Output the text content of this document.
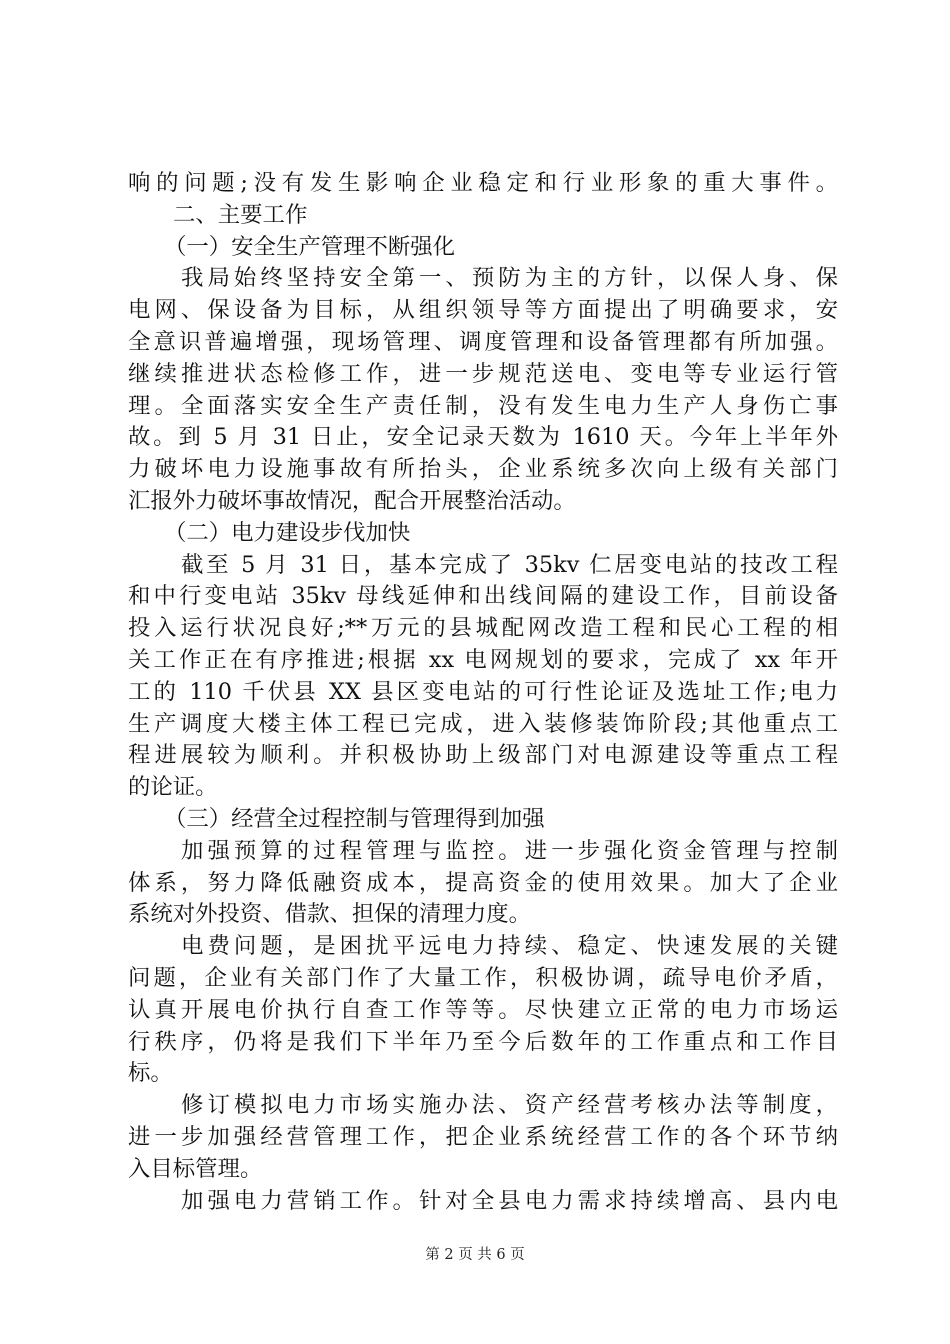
响的问题;没有发生影响企业稳定和行业形象的重大事件。
二、主要工作
（一）安全生产管理不断强化
我局始终坚持安全第一、预防为主的方针，以保人身、保
电网、保设备为目标，从组织领导等方面提出了明确要求，安
全意识普遍增强，现场管理、调度管理和设备管理都有所加强。
继续推进状态检修工作，进一步规范送电、变电等专业运行管
理。全面落实安全生产责任制，没有发生电力生产人身伤亡事
故。到 5 月 31 日止，安全记录天数为 1610 天。今年上半年外
力破坏电力设施事故有所抬头，企业系统多次向上级有关部门
汇报外力破坏事故情况，配合开展整治活动。
（二）电力建设步伐加快
截至 5 月 31 日，基本完成了 35kv 仁居变电站的技改工程
和中行变电站 35kv 母线延伸和出线间隔的建设工作，目前设备
投入运行状况良好;**万元的县城配网改造工程和民心工程的相
关工作正在有序推进;根据 xx 电网规划的要求，完成了 xx 年开
工的 110 千伏县 XX 县区变电站的可行性论证及选址工作;电力
生产调度大楼主体工程已完成，进入装修装饰阶段;其他重点工
程进展较为顺利。并积极协助上级部门对电源建设等重点工程
的论证。
（三）经营全过程控制与管理得到加强
加强预算的过程管理与监控。进一步强化资金管理与控制
体系，努力降低融资成本，提高资金的使用效果。加大了企业
系统对外投资、借款、担保的清理力度。
电费问题，是困扰平远电力持续、稳定、快速发展的关键
问题，企业有关部门作了大量工作，积极协调，疏导电价矛盾，
认真开展电价执行自查工作等等。尽快建立正常的电力市场运
行秩序，仍将是我们下半年乃至今后数年的工作重点和工作目
标。
修订模拟电力市场实施办法、资产经营考核办法等制度，
进一步加强经营管理工作，把企业系统经营工作的各个环节纳
入目标管理。
加强电力营销工作。针对全县电力需求持续增高、县内电
第 2 页 共 6 页
